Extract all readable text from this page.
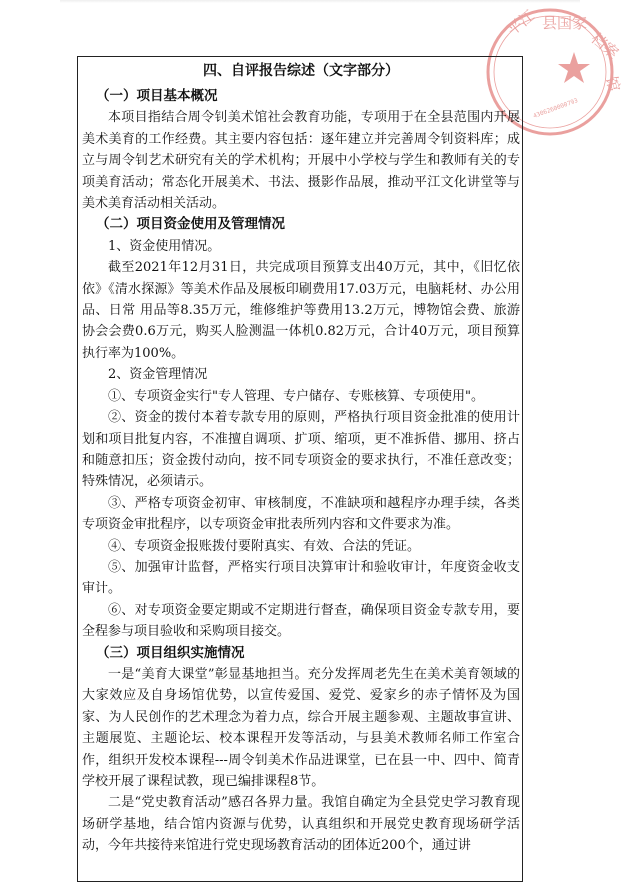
平江 县国家
档案
馆
4306260000793
四、自评报告综述（文字部分）
（一）项目基本概况

本项目指结合周令钊美术馆社会教育功能，专项用于在全县范围内开展美术美育的工作经费。其主要内容包括：逐年建立并完善周令钊资料库；成立与周令钊艺术研究有关的学术机构；开展中小学校与学生和教师有关的专项美育活动；常态化开展美术、书法、摄影作品展，推动平江文化讲堂等与美术美育活动相关活动。

（二）项目资金使用及管理情况

1、资金使用情况。

截至2021年12月31日，共完成项目预算支出40万元，其中，《旧忆依依》《清水探源》等美术作品及展板印刷费用17.03万元，电脑耗材、办公用品、日常 用品等8.35万元，维修维护等费用13.2万元，博物馆会费、旅游协会会费0.6万元，购买人脸测温一体机0.82万元，合计40万元，项目预算执行率为100%。

2、资金管理情况

①、专项资金实行"专人管理、专户储存、专账核算、专项使用"。

②、资金的拨付本着专款专用的原则，严格执行项目资金批准的使用计划和项目批复内容，不准擅自调项、扩项、缩项，更不准拆借、挪用、挤占和随意扣压；资金拨付动向，按不同专项资金的要求执行，不准任意改变；特殊情况，必须请示。

③、严格专项资金初审、审核制度，不准缺项和越程序办理手续，各类专项资金审批程序，以专项资金审批表所列内容和文件要求为准。

④、专项资金报账拨付要附真实、有效、合法的凭证。

⑤、加强审计监督，严格实行项目决算审计和验收审计，年度资金收支审计。

⑥、对专项资金要定期或不定期进行督查，确保项目资金专款专用，要全程参与项目验收和采购项目接交。

（三）项目组织实施情况

一是“美育大课堂”彰显基地担当。充分发挥周老先生在美术美育领域的大家效应及自身场馆优势，以宣传爱国、爱党、爱家乡的赤子情怀及为国家、为人民创作的艺术理念为着力点，综合开展主题参观、主题故事宣讲、主题展览、主题论坛、校本课程开发等活动，与县美术教师名师工作室合作，组织开发校本课程---周令钊美术作品进课堂，已在县一中、四中、简青学校开展了课程试教，现已编排课程8节。

二是“党史教育活动”感召各界力量。我馆自确定为全县党史学习教育现场研学基地，结合馆内资源与优势，认真组织和开展党史教育现场研学活动，今年共接待来馆进行党史现场教育活动的团体近200个，通过讲
